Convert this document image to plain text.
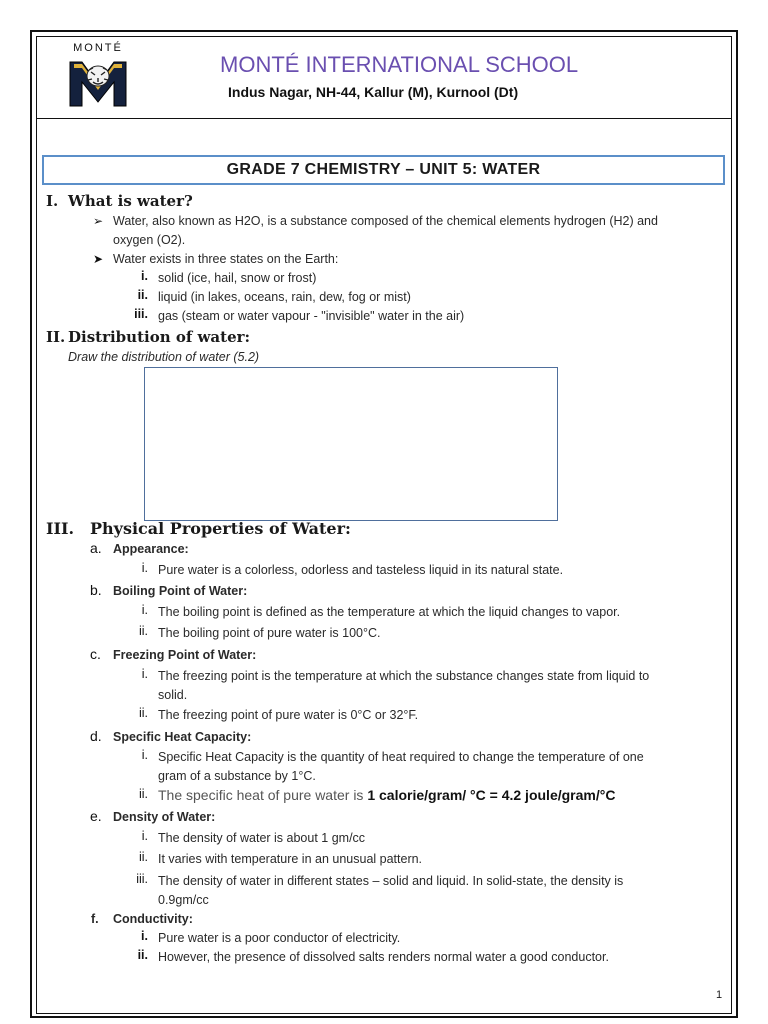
MONTÉ
MONTÉ INTERNATIONAL SCHOOL
Indus Nagar, NH-44, Kallur (M), Kurnool (Dt)
GRADE 7 CHEMISTRY – UNIT 5: WATER
I. What is water?
➢ Water, also known as H2O, is a substance composed of the chemical elements hydrogen (H2) and
oxygen (O2).
➤ Water exists in three states on the Earth:
i. solid (ice, hail, snow or frost)
ii. liquid (in lakes, oceans, rain, dew, fog or mist)
iii. gas (steam or water vapour - "invisible" water in the air)
II. Distribution of water:
Draw the distribution of water (5.2)
III. Physical Properties of Water:
a. Appearance:
i. Pure water is a colorless, odorless and tasteless liquid in its natural state.
b. Boiling Point of Water:
i. The boiling point is defined as the temperature at which the liquid changes to vapor.
ii. The boiling point of pure water is 100°C.
c. Freezing Point of Water:
i. The freezing point is the temperature at which the substance changes state from liquid to
solid.
ii. The freezing point of pure water is 0°C or 32°F.
d. Specific Heat Capacity:
i. Specific Heat Capacity is the quantity of heat required to change the temperature of one
gram of a substance by 1°C.
ii. The specific heat of pure water is 1 calorie/gram/ °C = 4.2 joule/gram/°C
e. Density of Water:
i. The density of water is about 1 gm/cc
ii. It varies with temperature in an unusual pattern.
iii. The density of water in different states – solid and liquid. In solid-state, the density is
0.9gm/cc
f. Conductivity:
i. Pure water is a poor conductor of electricity.
ii. However, the presence of dissolved salts renders normal water a good conductor.
1
